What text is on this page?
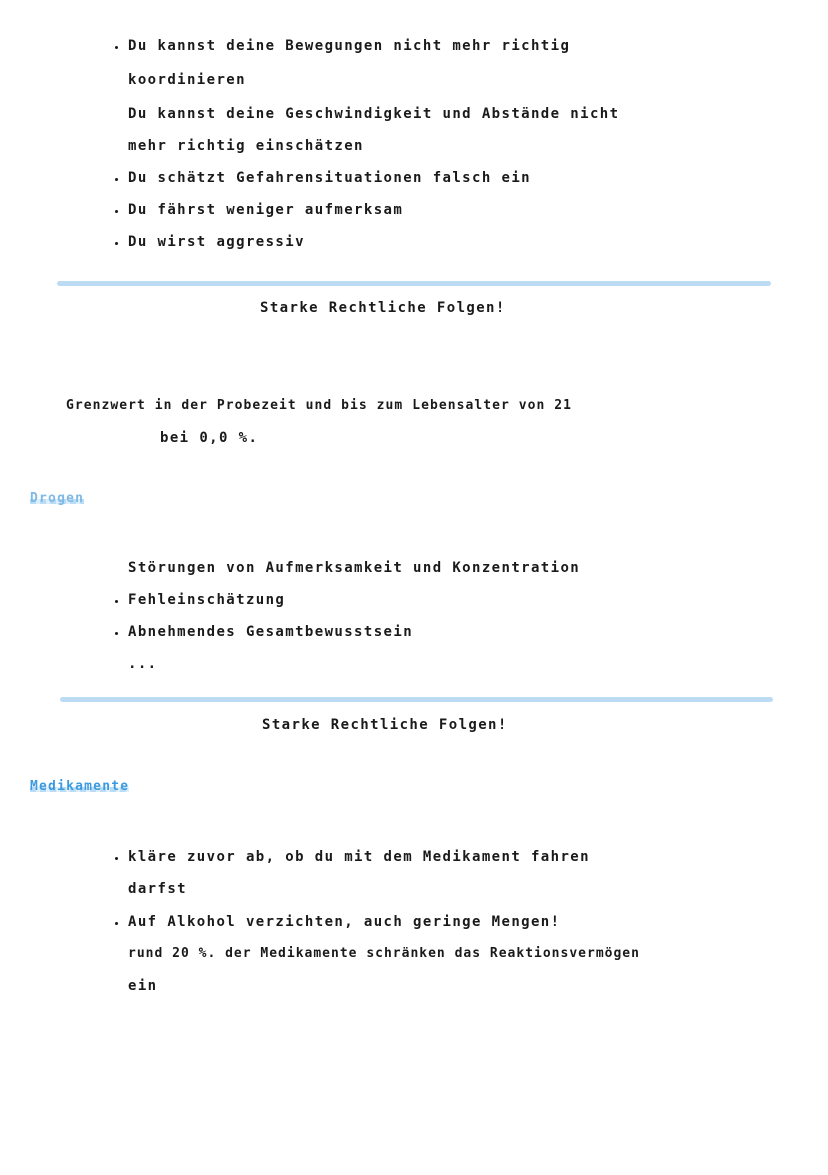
Du kannst deine Bewegungen nicht mehr richtig
koordinieren
Du kannst deine Geschwindigkeit und Abstände nicht
mehr richtig einschätzen
Du schätzt Gefahrensituationen falsch ein
Du fährst weniger aufmerksam
Du wirst aggressiv
Starke Rechtliche Folgen!
Grenzwert in der Probezeit und bis zum Lebensalter von 21
bei 0,0 %.
Drogen
Störungen von Aufmerksamkeit und Konzentration
Fehleinschätzung
Abnehmendes Gesamtbewusstsein
...
Starke Rechtliche Folgen!
Medikamente
kläre zuvor ab, ob du mit dem Medikament fahren
darfst
Auf Alkohol verzichten, auch geringe Mengen!
rund 20 %. der Medikamente schränken das Reaktionsvermögen
ein
